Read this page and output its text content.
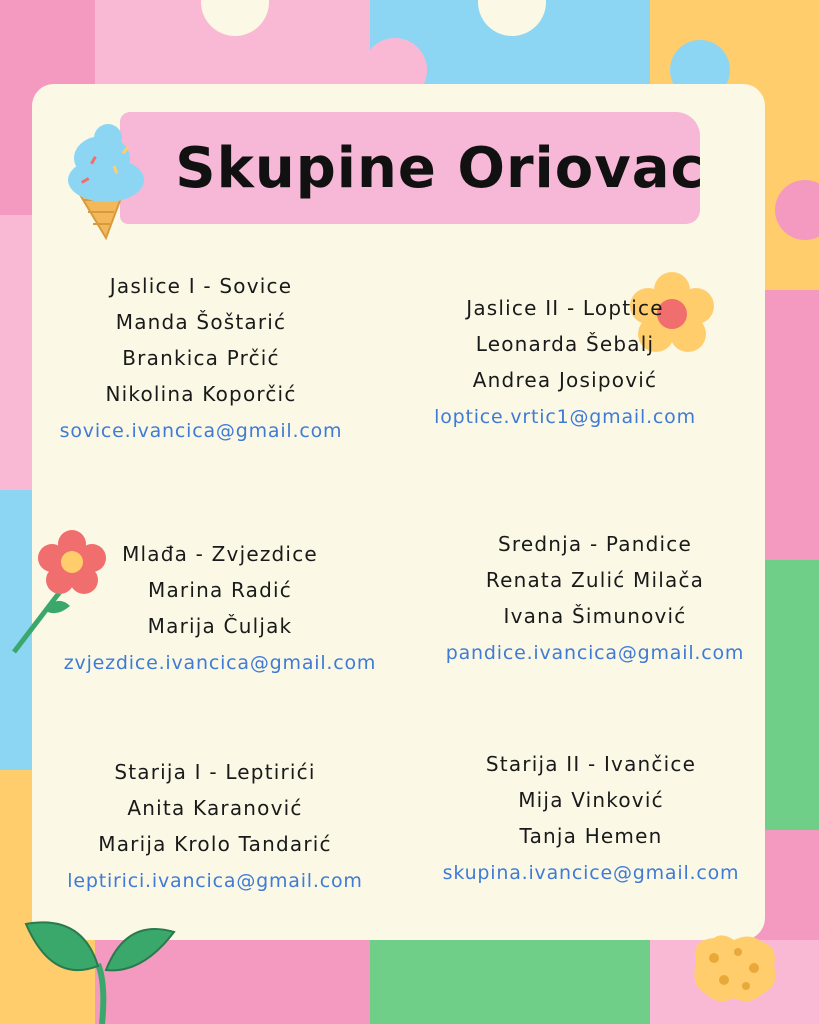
Skupine Oriovac
Jaslice I - Sovice
Manda Šoštarić
Brankica Prčić
Nikolina Koporčić
sovice.ivancica@gmail.com
Jaslice II - Loptice
Leonarda Šebalj
Andrea Josipović
loptice.vrtic1@gmail.com
Mlađa - Zvjezdice
Marina Radić
Marija Čuljak
zvjezdice.ivancica@gmail.com
Srednja - Pandice
Renata Zulić Milača
Ivana Šimunović
pandice.ivancica@gmail.com
Starija I - Leptirići
Anita Karanović
Marija Krolo Tandarić
leptirici.ivancica@gmail.com
Starija II - Ivančice
Mija Vinković
Tanja Hemen
skupina.ivancice@gmail.com
